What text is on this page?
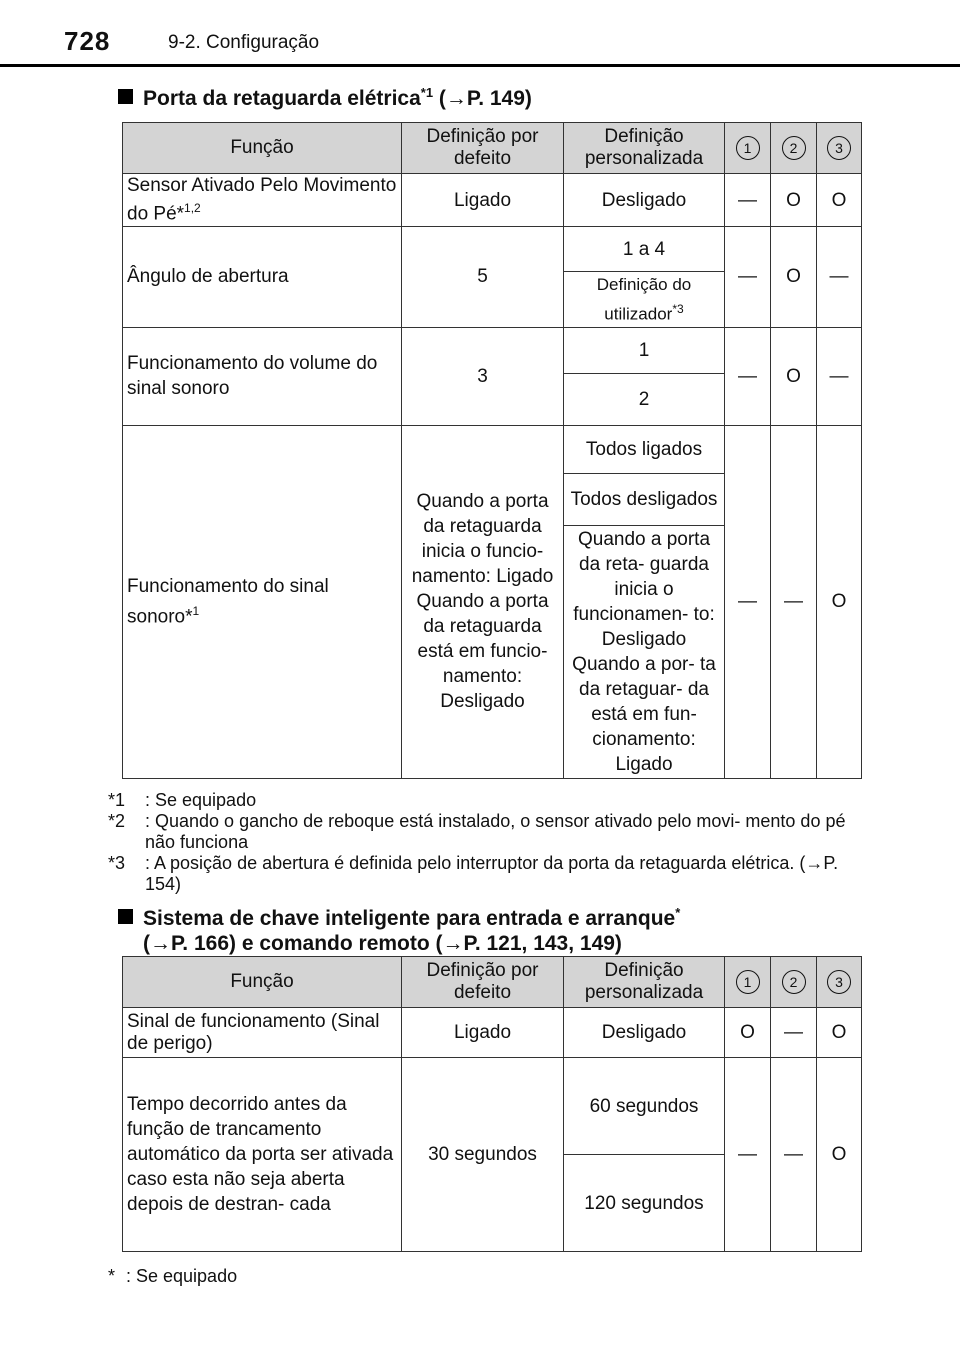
728	9-2. Configuração
Porta da retaguarda elétrica$^{*1}$ (→P. 149)
Função	Definição por defeito	Definição personalizada	1	2	3
Sensor Ativado Pelo Movimento do Pé*$^{1,2}$	Ligado	Desligado	—	O	O
Ângulo de abertura	5	1 a 4	—	O	—
		Definição do utilizador$^{*3}$
Funcionamento do volume do sinal sonoro	3	1	—	O	—
		2			
Funcionamento do sinal sonoro*$^1$	Quando a porta da retaguarda inicia o funcio- namento: Ligado Quando a porta da retaguarda está em funcio- namento: Desligado	Todos ligados	—	—	O
		Todos desligados			
		Quando a porta da reta- guarda inicia o funcionamen- to: Desligado Quando a por- ta da retaguar- da está em fun- cionamento: Ligado			
*1 : Se equipado
*2 : Quando o gancho de reboque está instalado, o sensor ativado pelo movi- mento do pé não funciona
*3 : A posição de abertura é definida pelo interruptor da porta da retaguarda elétrica. (→P. 154)
Sistema de chave inteligente para entrada e arranque*
(→P. 166) e comando remoto (→P. 121, 143, 149)
Função	Definição por defeito	Definição personalizada	1	2	3
Sinal de funcionamento (Sinal de perigo)	Ligado	Desligado	O	—	O
Tempo decorrido antes da função de trancamento automático da porta ser ativada caso esta não seja aberta depois de destran- cada	30 segundos	60 segundos	—	—	O
		120 segundos			
* : Se equipado
